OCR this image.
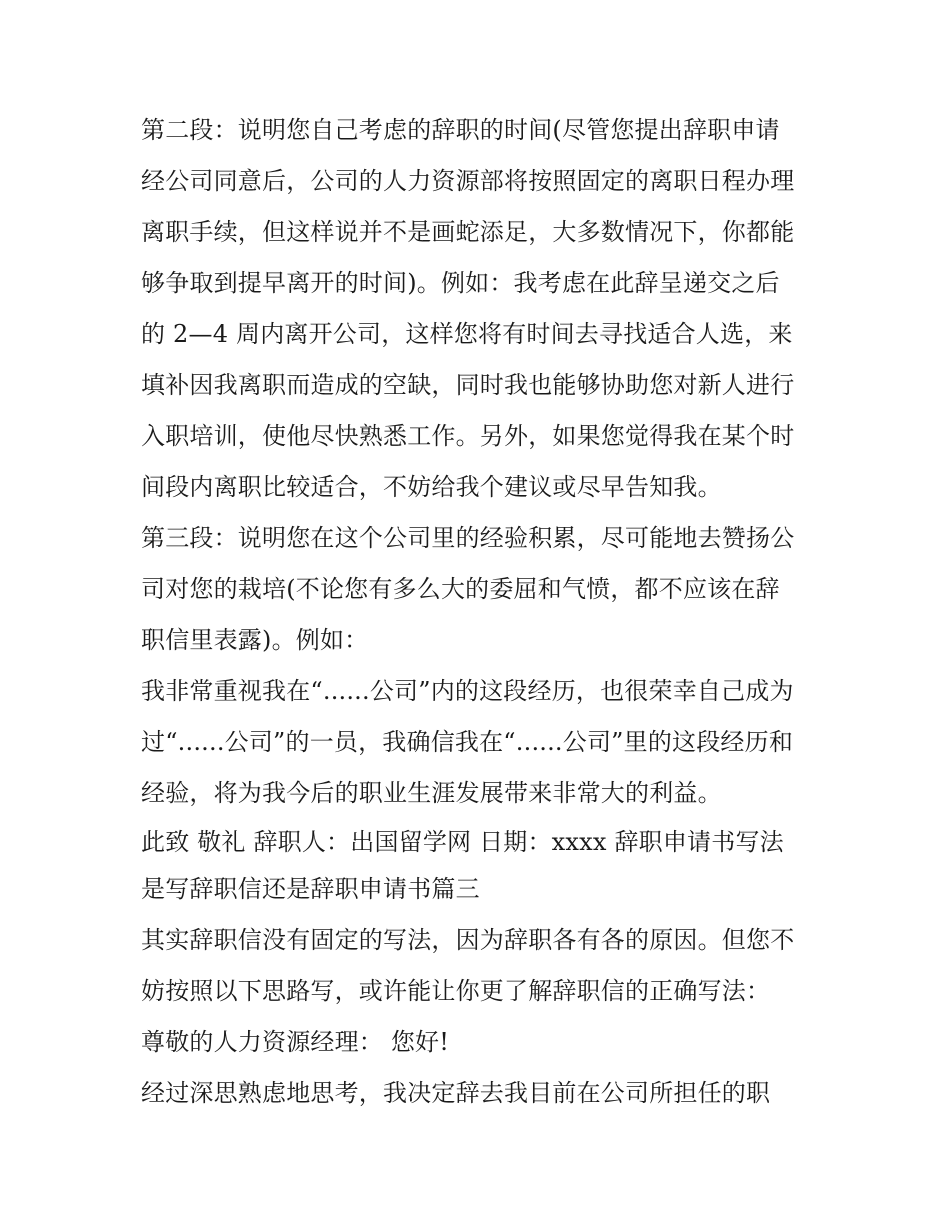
第二段：说明您自己考虑的辞职的时间(尽管您提出辞职申请
经公司同意后，公司的人力资源部将按照固定的离职日程办理
离职手续，但这样说并不是画蛇添足，大多数情况下，你都能
够争取到提早离开的时间)。例如：我考虑在此辞呈递交之后
的 2—4 周内离开公司，这样您将有时间去寻找适合人选，来
填补因我离职而造成的空缺，同时我也能够协助您对新人进行
入职培训，使他尽快熟悉工作。另外，如果您觉得我在某个时
间段内离职比较适合，不妨给我个建议或尽早告知我。
第三段：说明您在这个公司里的经验积累，尽可能地去赞扬公
司对您的栽培(不论您有多么大的委屈和气愤，都不应该在辞
职信里表露)。例如：
我非常重视我在“......公司”内的这段经历，也很荣幸自己成为
过“......公司”的一员，我确信我在“......公司”里的这段经历和
经验，将为我今后的职业生涯发展带来非常大的利益。
此致 敬礼 辞职人：出国留学网 日期：xxxx 辞职申请书写法
是写辞职信还是辞职申请书篇三
其实辞职信没有固定的写法，因为辞职各有各的原因。但您不
妨按照以下思路写，或许能让你更了解辞职信的正确写法：
尊敬的人力资源经理： 您好!
经过深思熟虑地思考，我决定辞去我目前在公司所担任的职
